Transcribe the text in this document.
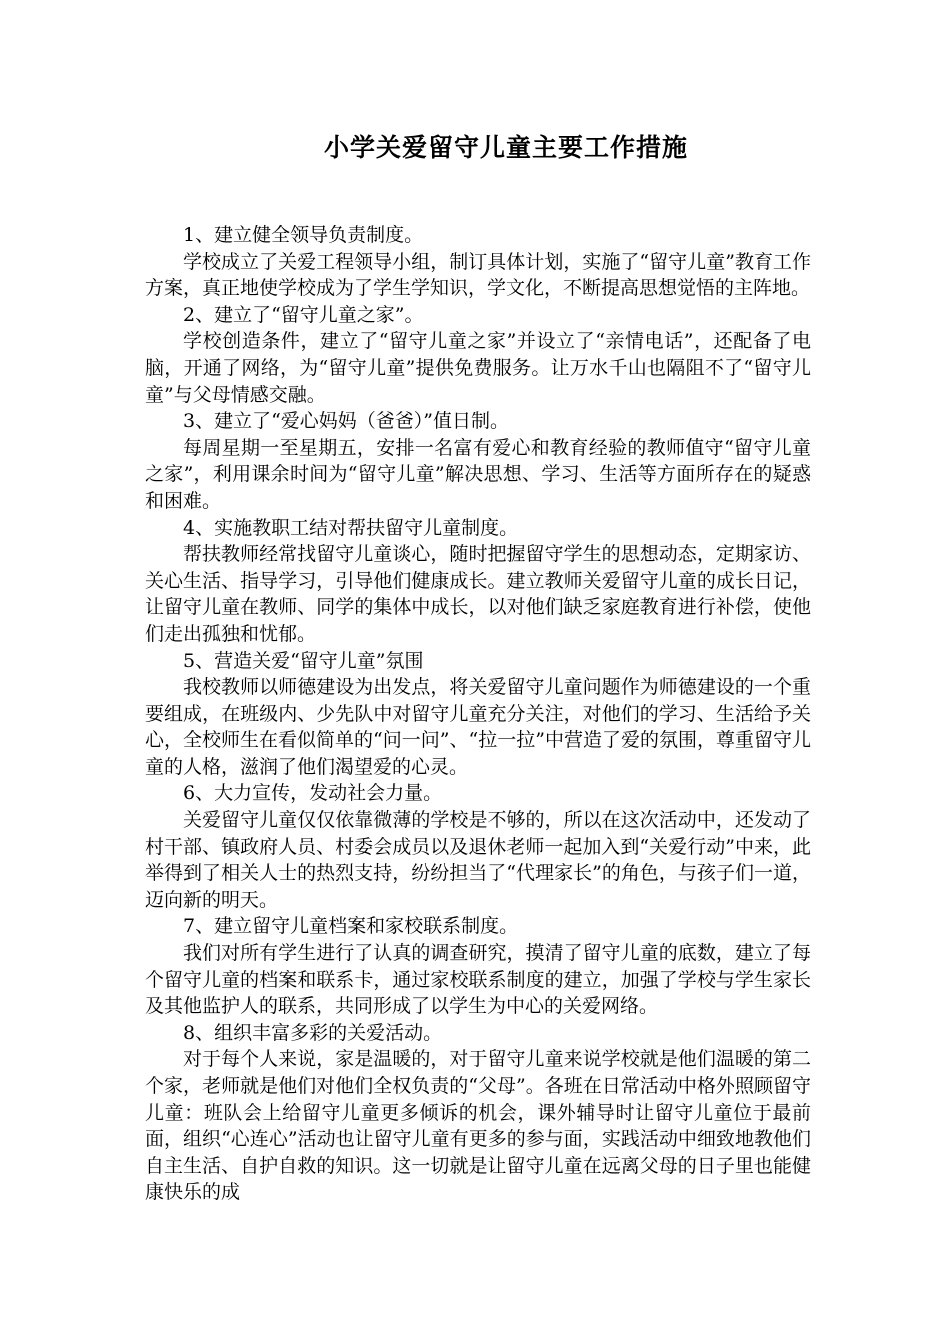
小学关爱留守儿童主要工作措施

1、建立健全领导负责制度。

学校成立了关爱工程领导小组，制订具体计划，实施了“留守儿童”教育工作方案，真正地使学校成为了学生学知识，学文化，不断提高思想觉悟的主阵地。

2、建立了“留守儿童之家”。

学校创造条件，建立了“留守儿童之家”并设立了“亲情电话”，还配备了电脑，开通了网络，为“留守儿童”提供免费服务。让万水千山也隔阻不了“留守儿童”与父母情感交融。

3、建立了“爱心妈妈（爸爸）”值日制。

每周星期一至星期五，安排一名富有爱心和教育经验的教师值守“留守儿童之家”，利用课余时间为“留守儿童”解决思想、学习、生活等方面所存在的疑惑和困难。

4、实施教职工结对帮扶留守儿童制度。

帮扶教师经常找留守儿童谈心，随时把握留守学生的思想动态，定期家访、关心生活、指导学习，引导他们健康成长。建立教师关爱留守儿童的成长日记，让留守儿童在教师、同学的集体中成长，以对他们缺乏家庭教育进行补偿，使他们走出孤独和忧郁。

5、营造关爱“留守儿童”氛围

我校教师以师德建设为出发点，将关爱留守儿童问题作为师德建设的一个重要组成，在班级内、少先队中对留守儿童充分关注，对他们的学习、生活给予关心，全校师生在看似简单的“问一问”、“拉一拉”中营造了爱的氛围，尊重留守儿童的人格，滋润了他们渴望爱的心灵。

6、大力宣传，发动社会力量。

关爱留守儿童仅仅依靠微薄的学校是不够的，所以在这次活动中，还发动了村干部、镇政府人员、村委会成员以及退休老师一起加入到“关爱行动”中来，此举得到了相关人士的热烈支持，纷纷担当了“代理家长”的角色，与孩子们一道，迈向新的明天。

7、建立留守儿童档案和家校联系制度。

我们对所有学生进行了认真的调查研究，摸清了留守儿童的底数，建立了每个留守儿童的档案和联系卡，通过家校联系制度的建立，加强了学校与学生家长及其他监护人的联系，共同形成了以学生为中心的关爱网络。

8、组织丰富多彩的关爱活动。

对于每个人来说，家是温暖的，对于留守儿童来说学校就是他们温暖的第二个家，老师就是他们对他们全权负责的“父母”。各班在日常活动中格外照顾留守儿童：班队会上给留守儿童更多倾诉的机会，课外辅导时让留守儿童位于最前面，组织“心连心”活动也让留守儿童有更多的参与面，实践活动中细致地教他们自主生活、自护自救的知识。这一切就是让留守儿童在远离父母的日子里也能健康快乐的成
